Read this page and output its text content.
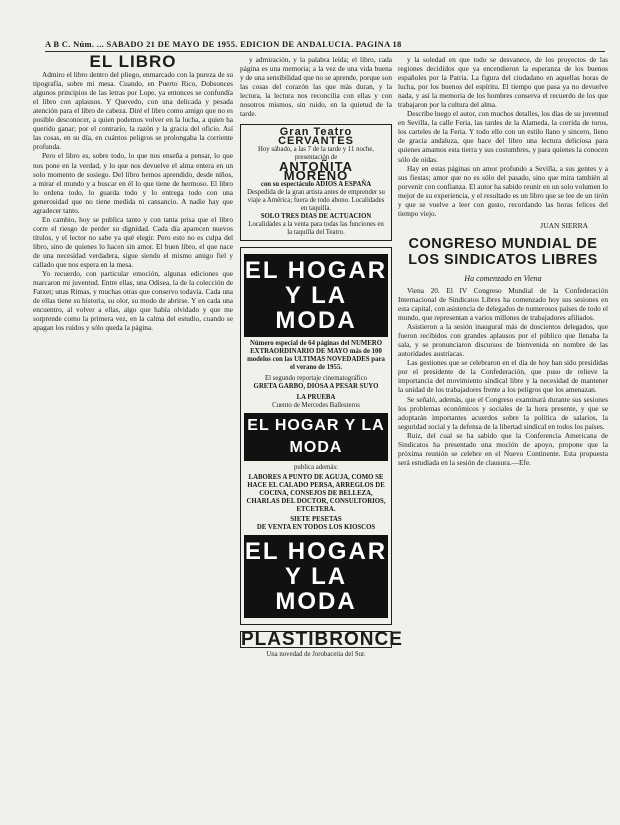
A B C. Núm. ... SABADO 21 DE MAYO DE 1955. EDICION DE ANDALUCIA. PAGINA 18
EL LIBRO

Admiro el libro dentro del pliego, enmarcado con la pureza de su tipografía, sobre mi mesa. Cuando, en Puerto Rico, Dobsonces algunos principios de las letras por Lope, ya entonces se confundía el libro con aplausos. Y Quevedo, con una delicada y pesada atención para el libro de cabeza. Diré el libro como amigo que no es posible desconocer, a quien podemos volver en la lucha, a quien ha querido ganar; por el contrario, la razón y la gracia del oficio. Así las cosas, en su día, en cuántos peligros se prolongaba la corriente profunda.

Pero el libro es, sobre todo, lo que nos enseña a pensar, lo que nos pone en la verdad, y lo que nos devuelve el alma entera en un solo momento de sosiego. Del libro hemos aprendido, desde niños, a mirar el mundo y a buscar en él lo que tiene de hermoso. El libro lo ordena todo, lo guarda todo y lo entrega todo con una generosidad que no tiene medida ni cansancio. A nadie hay que agradecer tanto.

En cambio, hoy se publica tanto y con tanta prisa que el libro corre el riesgo de perder su dignidad. Cada día aparecen nuevos títulos, y el lector no sabe ya qué elegir. Pero esto no es culpa del libro, sino de quienes lo hacen sin amor. El buen libro, el que nace de una necesidad verdadera, sigue siendo el mismo amigo fiel y callado que nos espera en la mesa.

Yo recuerdo, con particular emoción, algunas ediciones que marcaron mi juventud. Entre ellas, una Odisea, la de la colección de Fatxet; unas Rimas, y muchas otras que conservo todavía. Cada una de ellas tiene su historia, su olor, su modo de abrirse. Y en cada una encuentro, al volver a ellas, algo que había olvidado y que me sorprende como la primera vez, en la calma del estudio, cuando se apagan los ruidos y sólo queda la página.

y admiración, y la palabra leída; el libro, cada página es una memoria; a la vez de una vida buena y de una sensibilidad que no se aprende, porque son las cosas del corazón las que más duran, y la lectura, la lectura nos reconcilia con ellas y con nosotros mismos, sin ruido, en la quietud de la tarde.

Gran Teatro CERVANTES
Hoy sábado, a las 7 de la tarde y 11 noche, presentación de
ANTOÑITA MORENO
con su espectáculo ADIOS A ESPAÑA
Despedida de la gran artista antes de emprender su viaje a América; fuera de todo abono. Localidades en taquilla.
SOLO TRES DIAS DE ACTUACION
Localidades a la venta para todas las funciones en la taquilla del Teatro.
EL HOGAR Y LA MODA
Número especial de 64 páginas del NUMERO EXTRAORDINARIO DE MAYO más de 100 modelos con las ULTIMAS NOVEDADES para el verano de 1955.
El segundo reportaje cinematográfico
GRETA GARBO, DIOSA A PESAR SUYO
LA PRUEBA
Cuento de Mercedes Ballesteros
EL HOGAR Y LA MODA
publica además:
LABORES A PUNTO DE AGUJA, COMO SE HACE EL CALADO PERSA, ARREGLOS DE COCINA, CONSEJOS DE BELLEZA, CHARLAS DEL DOCTOR, CONSULTORIOS, ETCETERA.
SIETE PESETAS
DE VENTA EN TODOS LOS KIOSCOS
EL HOGAR Y LA MODA
PLASTIBRONCE
Una novedad de Jorobacetia del Sur.

y la soledad en que todo se desvanece, de los proyectos de las regiones decididos que ya encendieron la esperanza de los buenos españoles por la Patria. La figura del ciudadano en aquellas horas de lucha, por los buenos del espíritu. El tiempo que pasa ya no devuelve nada, y así la memoria de los hombres conserva el recuerdo de los que trabajaron por la cultura del alma.

Describe luego el autor, con muchos detalles, los días de su juventud en Sevilla, la calle Feria, las tardes de la Alameda, la corrida de toros, los carteles de la Feria. Y todo ello con un estilo llano y sincero, lleno de gracia andaluza, que hace del libro una lectura deliciosa para quienes amamos esta tierra y sus costumbres, y para quienes la conocen sólo de oídas.

Hay en estas páginas un amor profundo a Sevilla, a sus gentes y a sus fiestas; amor que no es sólo del pasado, sino que mira también al porvenir con confianza. El autor ha sabido reunir en un solo volumen lo mejor de su experiencia, y el resultado es un libro que se lee de un tirón y que se vuelve a leer con gusto, recordando las horas felices del tiempo viejo.

JUAN SIERRA
CONGRESO MUNDIAL DE LOS SINDICATOS LIBRES
Ha comenzado en Viena

Viena 20. El IV Congreso Mundial de la Confederación Internacional de Sindicatos Libres ha comenzado hoy sus sesiones en esta capital, con asistencia de delegados de numerosos países de todo el mundo, que representan a varios millones de trabajadores afiliados.

Asistieron a la sesión inaugural más de doscientos delegados, que fueron recibidos con grandes aplausos por el público que llenaba la sala, y se pronunciaron discursos de bienvenida en nombre de las autoridades austríacas.

Las gestiones que se celebraron en el día de hoy han sido presididas por el presidente de la Confederación, que puso de relieve la importancia del movimiento sindical libre y la necesidad de mantener la unidad de los trabajadores frente a los peligros que los amenazan.

Se señaló, además, que el Congreso examinará durante sus sesiones los problemas económicos y sociales de la hora presente, y que se adoptarán importantes acuerdos sobre la política de salarios, la seguridad social y la defensa de la libertad sindical en todos los países.

Ruiz, del cual se ha sabido que la Conferencia Americana de Sindicatos ha presentado una moción de apoyo, propone que la próxima reunión se celebre en el Nuevo Continente. Esta propuesta será estudiada en la sesión de clausura.—Efe.
